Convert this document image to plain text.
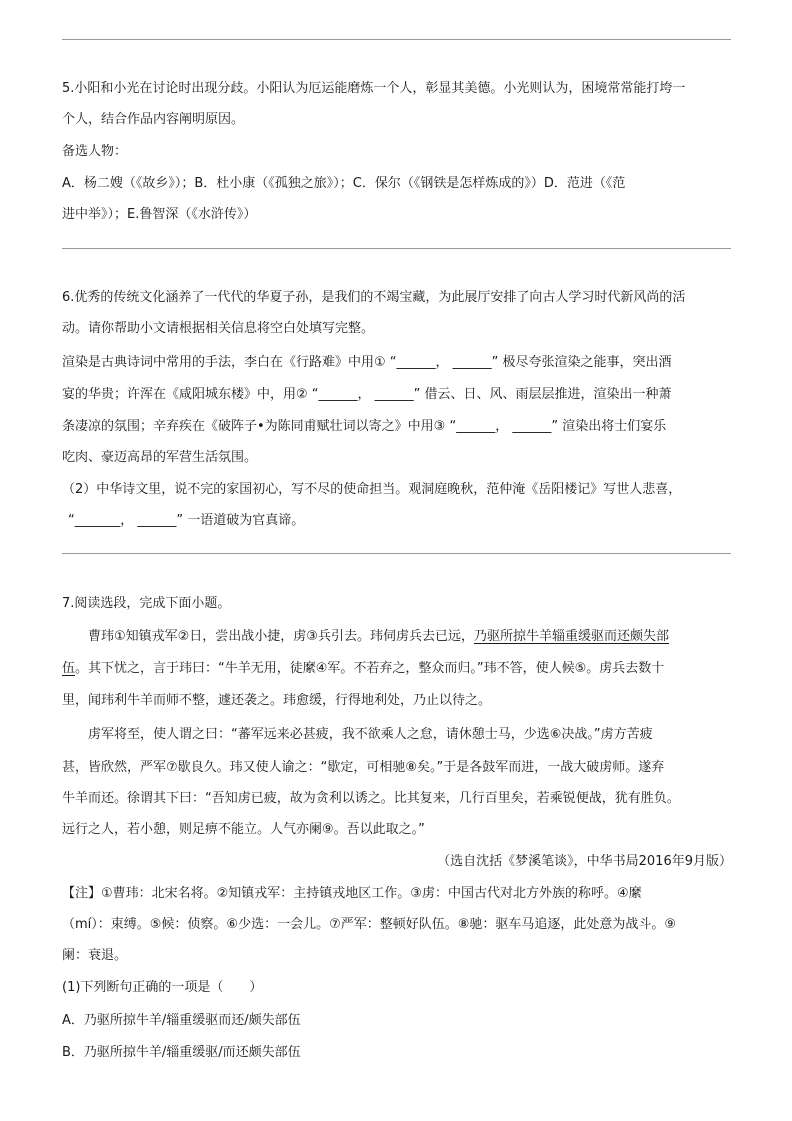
5.小阳和小光在讨论时出现分歧。小阳认为厄运能磨炼一个人，彰显其美德。小光则认为，困境常常能打垮一
个人，结合作品内容阐明原因。
备选人物：
A．杨二嫂（《故乡》）；B．杜小康（《孤独之旅》）；C．保尔（《钢铁是怎样炼成的》）D．范进（《范
进中举》）；E.鲁智深（《水浒传》）
6.优秀的传统文化涵养了一代代的华夏子孙，是我们的不竭宝藏，为此展厅安排了向古人学习时代新风尚的活
动。请你帮助小文请根据相关信息将空白处填写完整。
渲染是古典诗词中常用的手法，李白在《行路难》中用① “______， ______” 极尽夸张渲染之能事，突出酒
宴的华贵；许浑在《咸阳城东楼》中，用② “______， ______” 借云、日、风、雨层层推进，渲染出一种萧
条凄凉的氛围；辛弃疾在《破阵子•为陈同甫赋壮词以寄之》中用③ “______， ______” 渲染出将士们宴乐
吃肉、豪迈高昂的军营生活氛围。
（2）中华诗文里，说不完的家国初心，写不尽的使命担当。观洞庭晚秋，范仲淹《岳阳楼记》写世人悲喜，
“_______， ______” 一语道破为官真谛。
7.阅读选段，完成下面小题。
曹玮①知镇戎军②日，尝出战小捷，虏③兵引去。玮伺虏兵去已远，乃驱所掠牛羊辎重缓驱而还颇失部
伍。其下忧之，言于玮曰：“牛羊无用，徒縻④军。不若弃之，整众而归。”玮不答，使人候⑤。虏兵去数十
里，闻玮利牛羊而师不整，遽还袭之。玮愈缓，行得地利处，乃止以待之。
虏军将至，使人谓之曰：“蕃军远来必甚疲，我不欲乘人之怠，请休憩士马，少选⑥决战。”虏方苦疲
甚，皆欣然，严军⑦歇良久。玮又使人谕之：“歇定，可相驰⑧矣。”于是各鼓军而进，一战大破虏师。遂弃
牛羊而还。徐谓其下曰：“吾知虏已疲，故为贪利以诱之。比其复来，几行百里矣，若乘锐便战，犹有胜负。
远行之人，若小憩，则足痹不能立。人气亦阑⑨。吾以此取之。”
（选自沈括《梦溪笔谈》，中华书局2016年9月版）
【注】①曹玮：北宋名将。②知镇戎军：主持镇戎地区工作。③虏：中国古代对北方外族的称呼。④縻
（mí）：束缚。⑤候：侦察。⑥少选：一会儿。⑦严军：整顿好队伍。⑧驰：驱车马追逐，此处意为战斗。⑨
阑：衰退。
(1)下列断句正确的一项是（　　）
A．乃驱所掠牛羊/辎重缓驱而还/颇失部伍
B．乃驱所掠牛羊/辎重缓驱/而还颇失部伍
